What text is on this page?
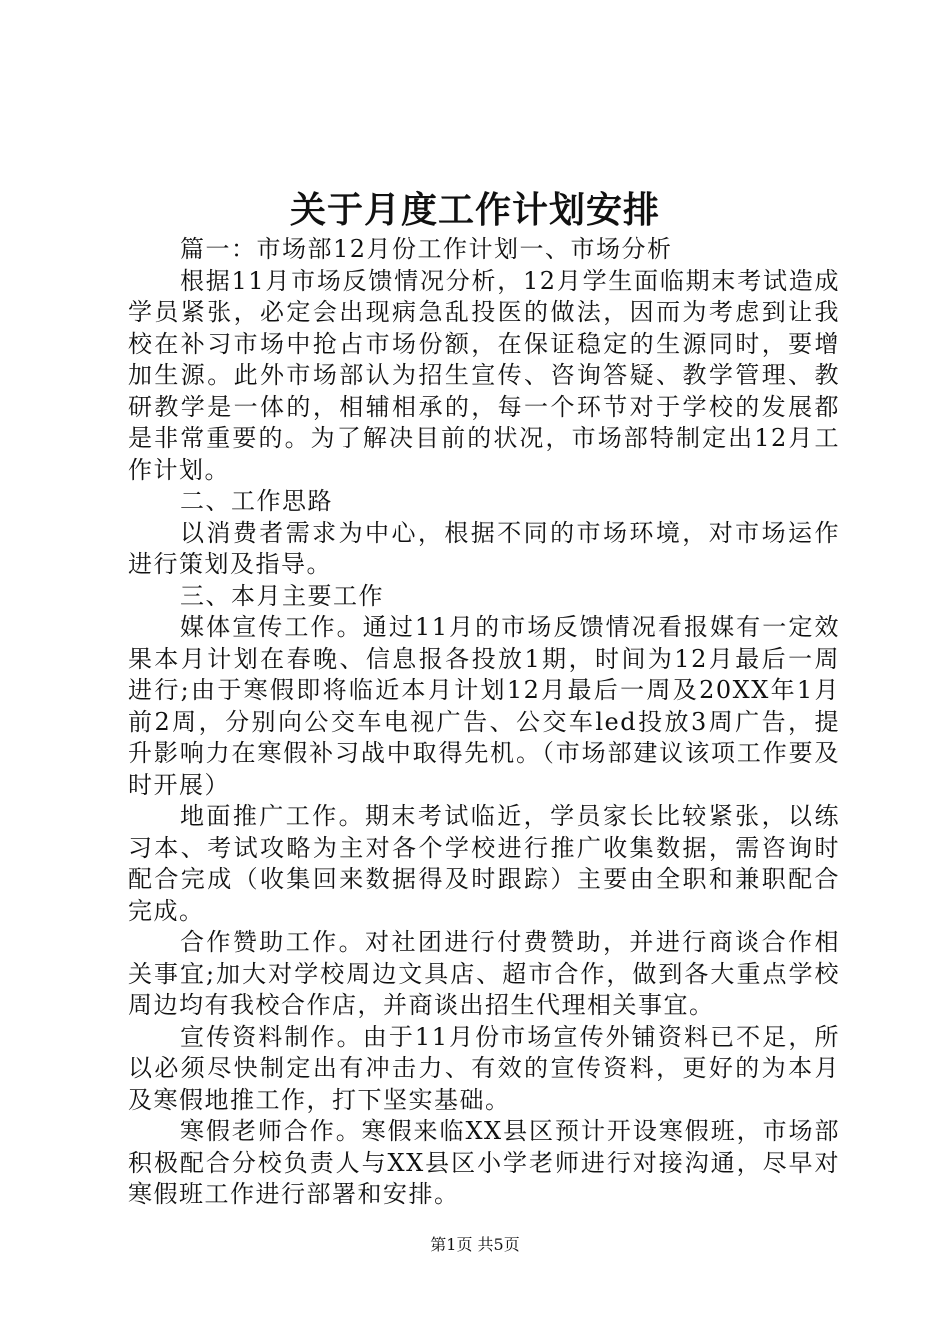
关于月度工作计划安排

篇一：市场部12月份工作计划一、市场分析

根据11月市场反馈情况分析，12月学生面临期末考试造成学员紧张，必定会出现病急乱投医的做法，因而为考虑到让我校在补习市场中抢占市场份额，在保证稳定的生源同时，要增加生源。此外市场部认为招生宣传、咨询答疑、教学管理、教研教学是一体的，相辅相承的，每一个环节对于学校的发展都是非常重要的。为了解决目前的状况，市场部特制定出12月工作计划。

二、工作思路

以消费者需求为中心，根据不同的市场环境，对市场运作进行策划及指导。

三、本月主要工作

媒体宣传工作。通过11月的市场反馈情况看报媒有一定效果本月计划在春晚、信息报各投放1期，时间为12月最后一周进行;由于寒假即将临近本月计划12月最后一周及20XX年1月前2周，分别向公交车电视广告、公交车led投放3周广告，提升影响力在寒假补习战中取得先机。（市场部建议该项工作要及时开展）

地面推广工作。期末考试临近，学员家长比较紧张，以练习本、考试攻略为主对各个学校进行推广收集数据，需咨询时配合完成（收集回来数据得及时跟踪）主要由全职和兼职配合完成。

合作赞助工作。对社团进行付费赞助，并进行商谈合作相关事宜;加大对学校周边文具店、超市合作，做到各大重点学校周边均有我校合作店，并商谈出招生代理相关事宜。

宣传资料制作。由于11月份市场宣传外铺资料已不足，所以必须尽快制定出有冲击力、有效的宣传资料，更好的为本月及寒假地推工作，打下坚实基础。

寒假老师合作。寒假来临XX县区预计开设寒假班，市场部积极配合分校负责人与XX县区小学老师进行对接沟通，尽早对寒假班工作进行部署和安排。

第1页 共5页
